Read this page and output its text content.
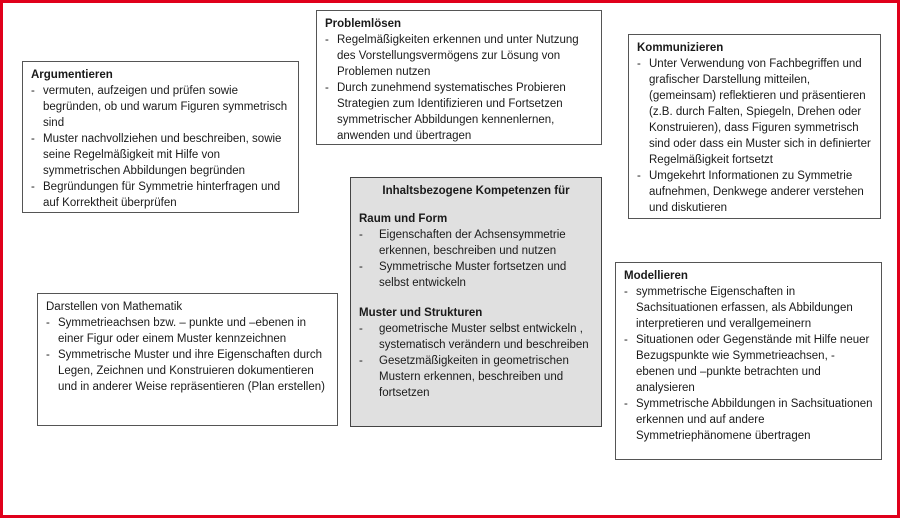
Problemlösen

- Regelmäßigkeiten erkennen und unter Nutzung des Vorstellungsvermögens zur Lösung von Problemen nutzen
- Durch zunehmend systematisches Probieren Strategien zum Identifizieren und Fortsetzen symmetrischer Abbildungen kennenlernen, anwenden und übertragen

Kommunizieren

- Unter Verwendung von Fachbegriffen und grafischer Darstellung mitteilen, (gemeinsam) reflektieren und präsentieren (z.B. durch Falten, Spiegeln, Drehen oder Konstruieren), dass Figuren symmetrisch sind oder dass ein Muster sich in definierter Regelmäßigkeit fortsetzt
- Umgekehrt Informationen zu Symmetrie aufnehmen, Denkwege anderer verstehen und diskutieren

Argumentieren

- vermuten, aufzeigen und prüfen sowie begründen, ob und warum Figuren symmetrisch sind
- Muster nachvollziehen und beschreiben, sowie seine Regelmäßigkeit mit Hilfe von symmetrischen Abbildungen begründen
- Begründungen für Symmetrie hinterfragen und auf Korrektheit überprüfen

Inhaltsbezogene Kompetenzen für

Raum und Form

- Eigenschaften der Achsensymmetrie erkennen, beschreiben und nutzen
- Symmetrische Muster fortsetzen und selbst entwickeln

Muster und Strukturen

- geometrische Muster selbst entwickeln , systematisch verändern und beschreiben
- Gesetzmäßigkeiten in geometrischen Mustern erkennen, beschreiben und fortsetzen

Darstellen von Mathematik

- Symmetrieachsen bzw. – punkte und –ebenen in einer Figur oder einem Muster kennzeichnen
- Symmetrische Muster und ihre Eigenschaften durch Legen, Zeichnen und Konstruieren dokumentieren und in anderer Weise repräsentieren (Plan erstellen)

Modellieren

- symmetrische Eigenschaften in Sachsituationen erfassen, als Abbildungen interpretieren und verallgemeinern
- Situationen oder Gegenstände mit Hilfe neuer Bezugspunkte wie Symmetrieachsen, -ebenen und –punkte betrachten und analysieren
- Symmetrische Abbildungen in Sachsituationen erkennen und auf andere Symmetriephänomene übertragen
